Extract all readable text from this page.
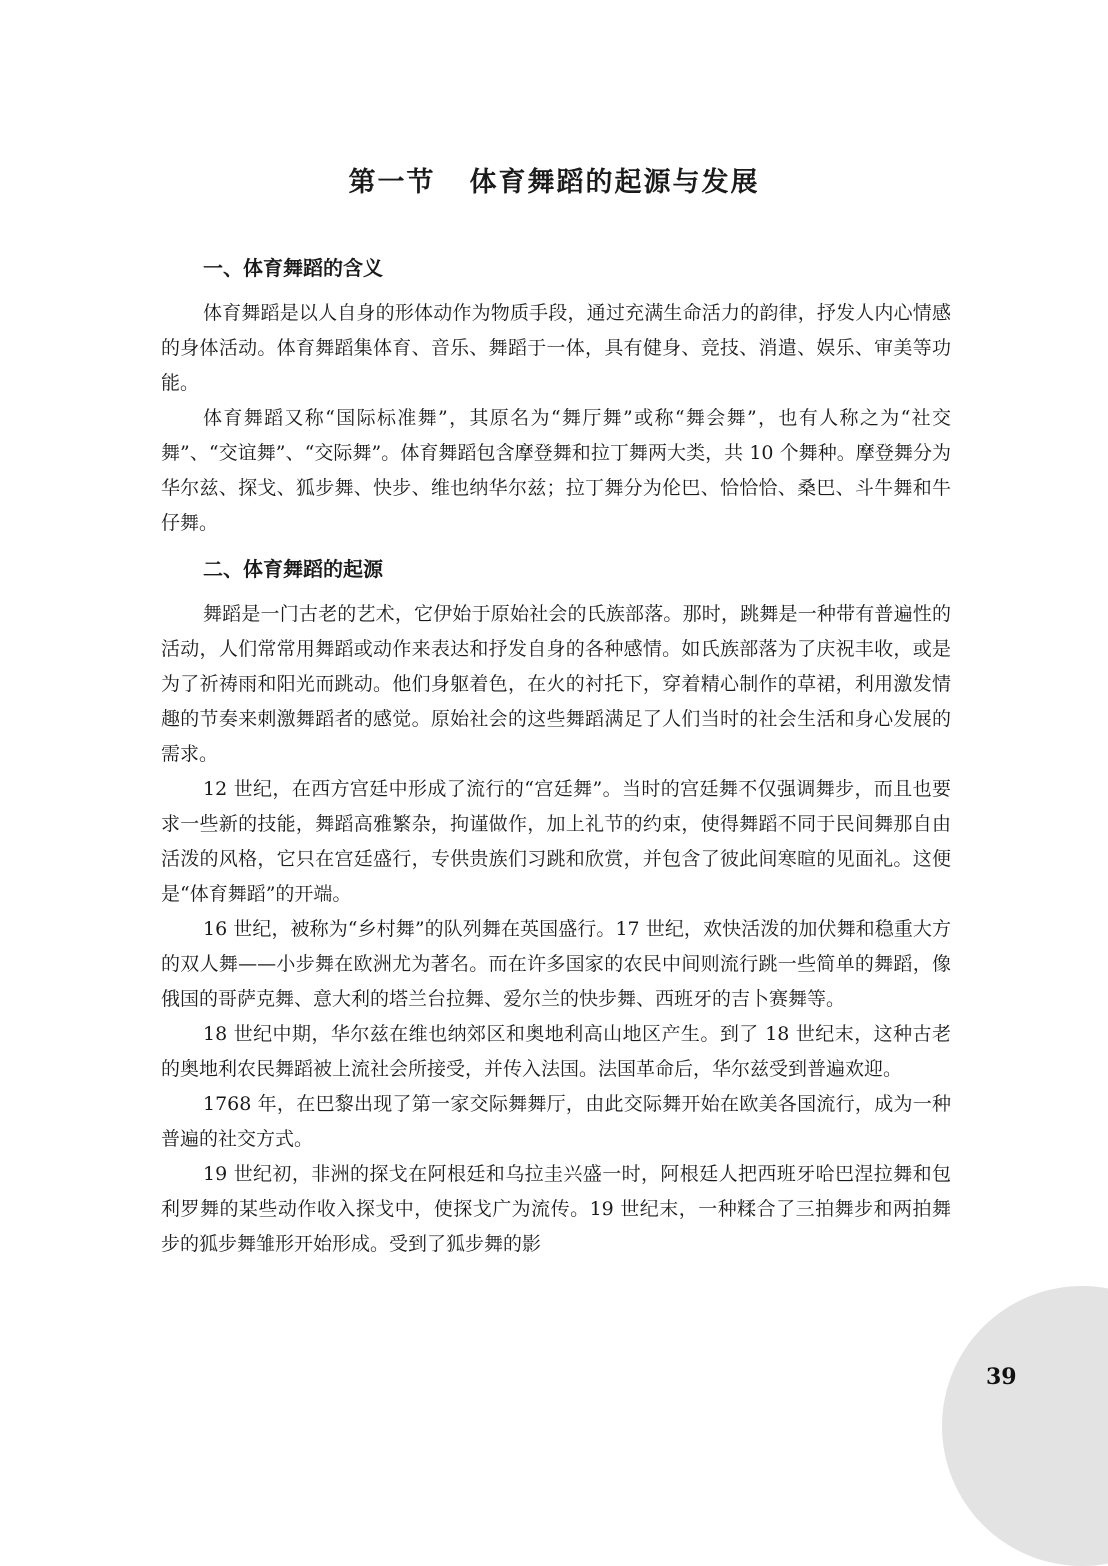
第一节 体育舞蹈的起源与发展
一、体育舞蹈的含义

体育舞蹈是以人自身的形体动作为物质手段，通过充满生命活力的韵律，抒发人内心情感的身体活动。体育舞蹈集体育、音乐、舞蹈于一体，具有健身、竞技、消遣、娱乐、审美等功能。

体育舞蹈又称“国际标准舞”，其原名为“舞厅舞”或称“舞会舞”，也有人称之为“社交舞”、“交谊舞”、“交际舞”。体育舞蹈包含摩登舞和拉丁舞两大类，共 10 个舞种。摩登舞分为华尔兹、探戈、狐步舞、快步、维也纳华尔兹；拉丁舞分为伦巴、恰恰恰、桑巴、斗牛舞和牛仔舞。

二、体育舞蹈的起源

舞蹈是一门古老的艺术，它伊始于原始社会的氏族部落。那时，跳舞是一种带有普遍性的活动，人们常常用舞蹈或动作来表达和抒发自身的各种感情。如氏族部落为了庆祝丰收，或是为了祈祷雨和阳光而跳动。他们身躯着色，在火的衬托下，穿着精心制作的草裙，利用激发情趣的节奏来刺激舞蹈者的感觉。原始社会的这些舞蹈满足了人们当时的社会生活和身心发展的需求。

12 世纪，在西方宫廷中形成了流行的“宫廷舞”。当时的宫廷舞不仅强调舞步，而且也要求一些新的技能，舞蹈高雅繁杂，拘谨做作，加上礼节的约束，使得舞蹈不同于民间舞那自由活泼的风格，它只在宫廷盛行，专供贵族们习跳和欣赏，并包含了彼此间寒暄的见面礼。这便是“体育舞蹈”的开端。

16 世纪，被称为“乡村舞”的队列舞在英国盛行。17 世纪，欢快活泼的加伏舞和稳重大方的双人舞——小步舞在欧洲尤为著名。而在许多国家的农民中间则流行跳一些简单的舞蹈，像俄国的哥萨克舞、意大利的塔兰台拉舞、爱尔兰的快步舞、西班牙的吉卜赛舞等。

18 世纪中期，华尔兹在维也纳郊区和奥地利高山地区产生。到了 18 世纪末，这种古老的奥地利农民舞蹈被上流社会所接受，并传入法国。法国革命后，华尔兹受到普遍欢迎。

1768 年，在巴黎出现了第一家交际舞舞厅，由此交际舞开始在欧美各国流行，成为一种普遍的社交方式。

19 世纪初，非洲的探戈在阿根廷和乌拉圭兴盛一时，阿根廷人把西班牙哈巴涅拉舞和包利罗舞的某些动作收入探戈中，使探戈广为流传。19 世纪末，一种糅合了三拍舞步和两拍舞步的狐步舞雏形开始形成。受到了狐步舞的影

39
